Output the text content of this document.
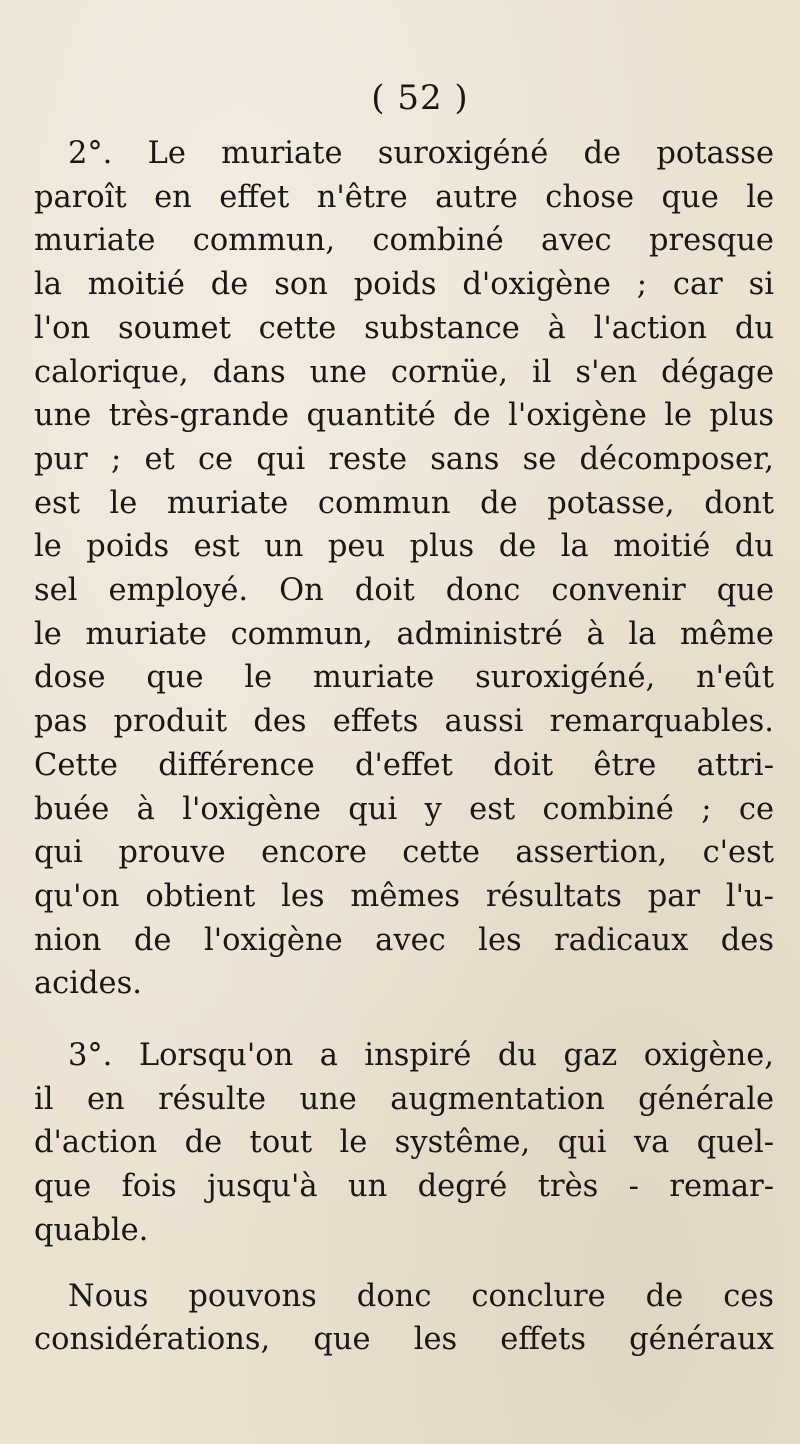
( 52 )
2°. Le muriate suroxigéné de potasse
paroît en effet n'être autre chose que le
muriate commun, combiné avec presque
la moitié de son poids d'oxigène ; car si
l'on soumet cette substance à l'action du
calorique, dans une cornüe, il s'en dégage
une très-grande quantité de l'oxigène le plus
pur ; et ce qui reste sans se décomposer,
est le muriate commun de potasse, dont
le poids est un peu plus de la moitié du
sel employé. On doit donc convenir que
le muriate commun, administré à la même
dose que le muriate suroxigéné, n'eût
pas produit des effets aussi remarquables.
Cette différence d'effet doit être attri-
buée à l'oxigène qui y est combiné ; ce
qui prouve encore cette assertion, c'est
qu'on obtient les mêmes résultats par l'u-
nion de l'oxigène avec les radicaux des
acides.
3°. Lorsqu'on a inspiré du gaz oxigène,
il en résulte une augmentation générale
d'action de tout le systême, qui va quel-
que fois jusqu'à un degré très - remar-
quable.
Nous pouvons donc conclure de ces
considérations, que les effets généraux
